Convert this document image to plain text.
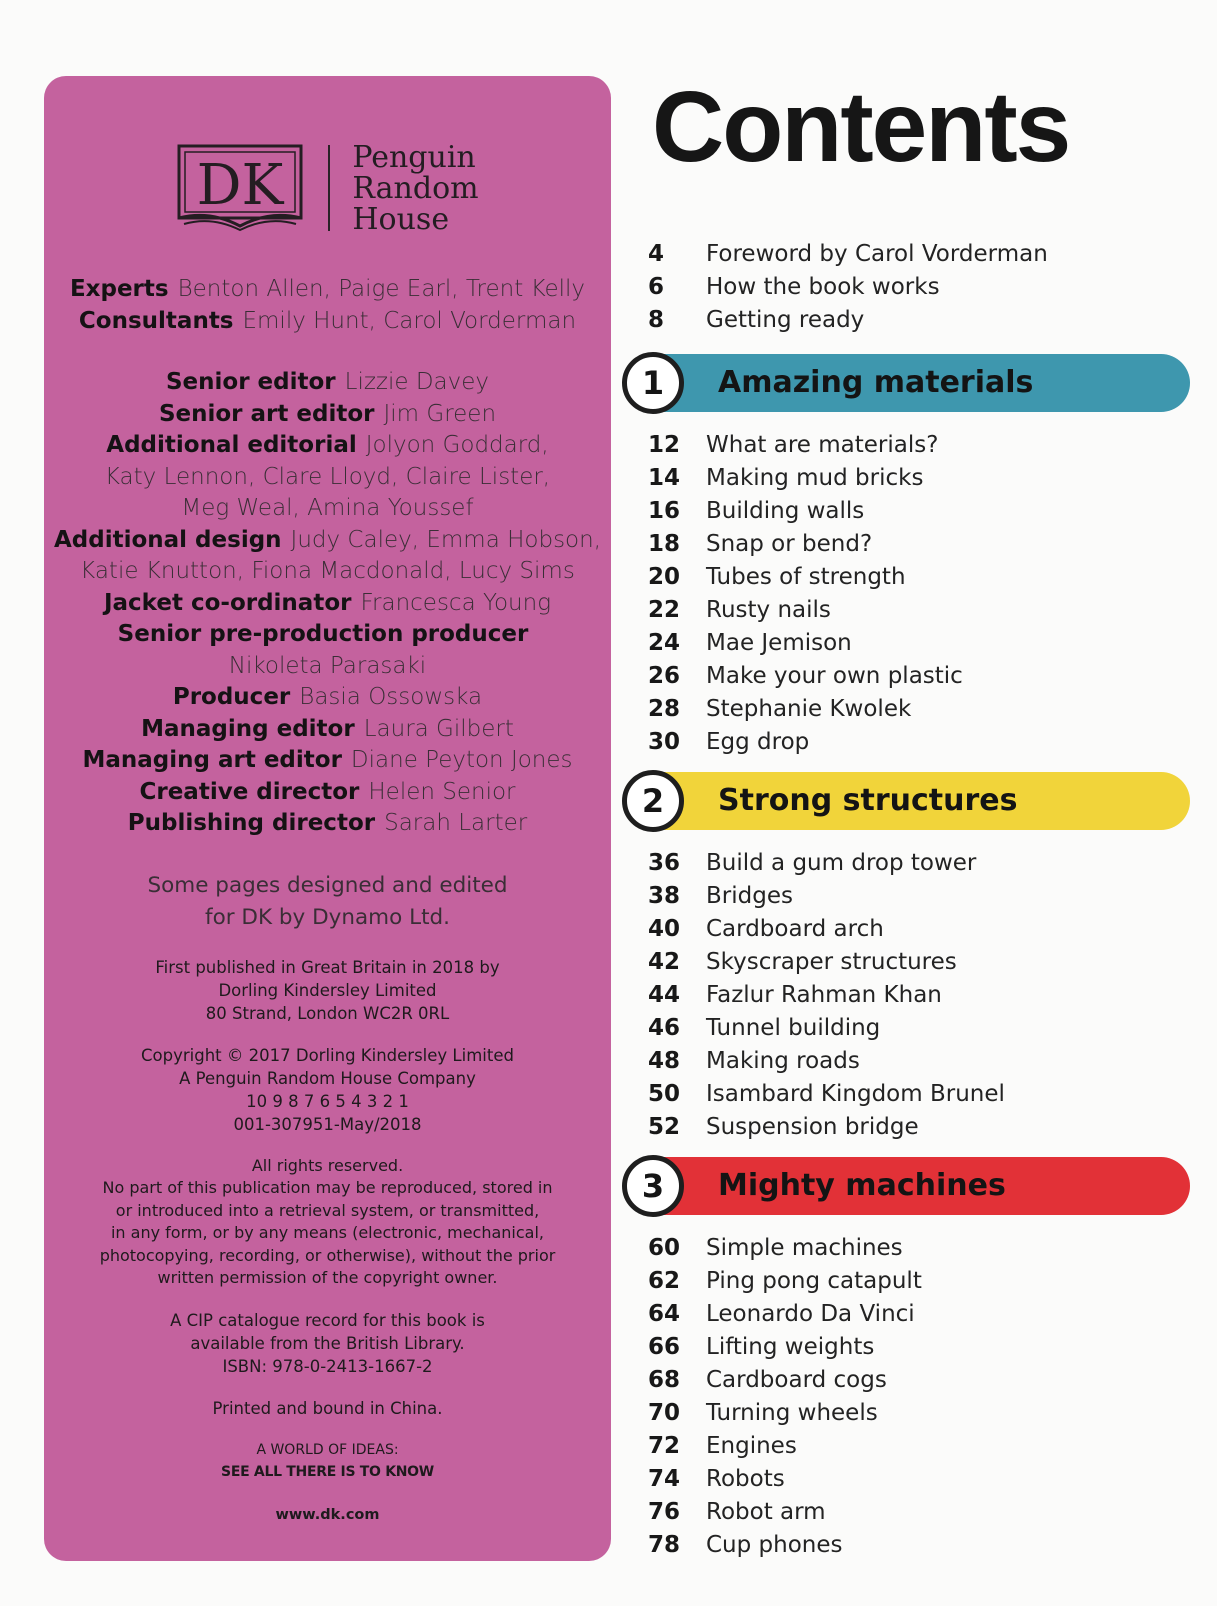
DK Penguin
Random
House
Experts Benton Allen, Paige Earl, Trent Kelly
Consultants Emily Hunt, Carol Vorderman
Senior editor Lizzie Davey
Senior art editor Jim Green
Additional editorial Jolyon Goddard,
Katy Lennon, Clare Lloyd, Claire Lister,
Meg Weal, Amina Youssef
Additional design Judy Caley, Emma Hobson,
Katie Knutton, Fiona Macdonald, Lucy Sims
Jacket co-ordinator Francesca Young
Senior pre-production producer
Nikoleta Parasaki
Producer Basia Ossowska
Managing editor Laura Gilbert
Managing art editor Diane Peyton Jones
Creative director Helen Senior
Publishing director Sarah Larter
Some pages designed and edited
for DK by Dynamo Ltd.
First published in Great Britain in 2018 by
Dorling Kindersley Limited
80 Strand, London WC2R 0RL
Copyright © 2017 Dorling Kindersley Limited
A Penguin Random House Company
10 9 8 7 6 5 4 3 2 1
001-307951-May/2018
All rights reserved.
No part of this publication may be reproduced, stored in
or introduced into a retrieval system, or transmitted,
in any form, or by any means (electronic, mechanical,
photocopying, recording, or otherwise), without the prior
written permission of the copyright owner.
A CIP catalogue record for this book is
available from the British Library.
ISBN: 978-0-2413-1667-2
Printed and bound in China.
A WORLD OF IDEAS:
SEE ALL THERE IS TO KNOW
www.dk.com
Contents
4	Foreword by Carol Vorderman
6	How the book works
8	Getting ready
1	Amazing materials
12	What are materials?
14	Making mud bricks
16	Building walls
18	Snap or bend?
20	Tubes of strength
22	Rusty nails
24	Mae Jemison
26	Make your own plastic
28	Stephanie Kwolek
30	Egg drop
2	Strong structures
36	Build a gum drop tower
38	Bridges
40	Cardboard arch
42	Skyscraper structures
44	Fazlur Rahman Khan
46	Tunnel building
48	Making roads
50	Isambard Kingdom Brunel
52	Suspension bridge
3	Mighty machines
60	Simple machines
62	Ping pong catapult
64	Leonardo Da Vinci
66	Lifting weights
68	Cardboard cogs
70	Turning wheels
72	Engines
74	Robots
76	Robot arm
78	Cup phones
